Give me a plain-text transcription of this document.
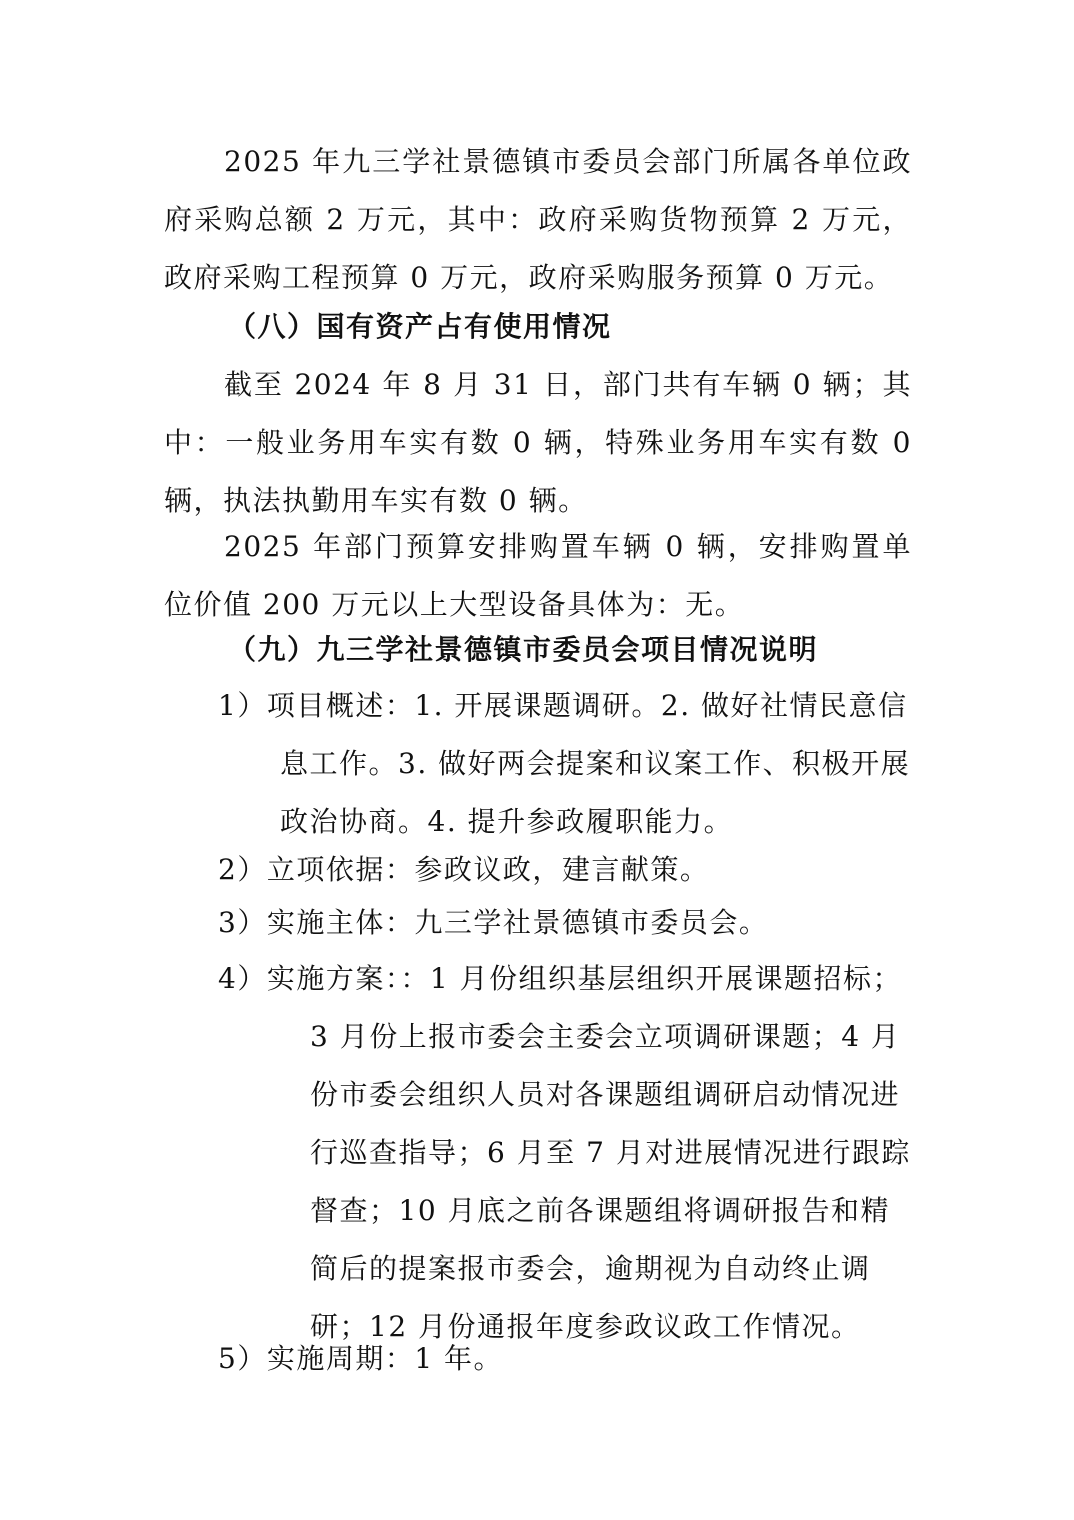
2025 年九三学社景德镇市委员会部门所属各单位政府采购总额 2 万元，其中：政府采购货物预算 2 万元，政府采购工程预算 0 万元，政府采购服务预算 0 万元。

（八）国有资产占有使用情况

截至 2024 年 8 月 31 日，部门共有车辆 0 辆；其中：一般业务用车实有数 0 辆，特殊业务用车实有数 0 辆，执法执勤用车实有数 0 辆。

2025 年部门预算安排购置车辆 0 辆，安排购置单位价值 200 万元以上大型设备具体为：无。

（九）九三学社景德镇市委员会项目情况说明

1）项目概述：1. 开展课题调研。2. 做好社情民意信息工作。3. 做好两会提案和议案工作、积极开展政治协商。4. 提升参政履职能力。

2）立项依据：参政议政，建言献策。

3）实施主体：九三学社景德镇市委员会。

4）实施方案：：1 月份组织基层组织开展课题招标；3 月份上报市委会主委会立项调研课题；4 月份市委会组织人员对各课题组调研启动情况进行巡查指导；6 月至 7 月对进展情况进行跟踪督查；10 月底之前各课题组将调研报告和精简后的提案报市委会，逾期视为自动终止调研；12 月份通报年度参政议政工作情况。

5）实施周期：1 年。
